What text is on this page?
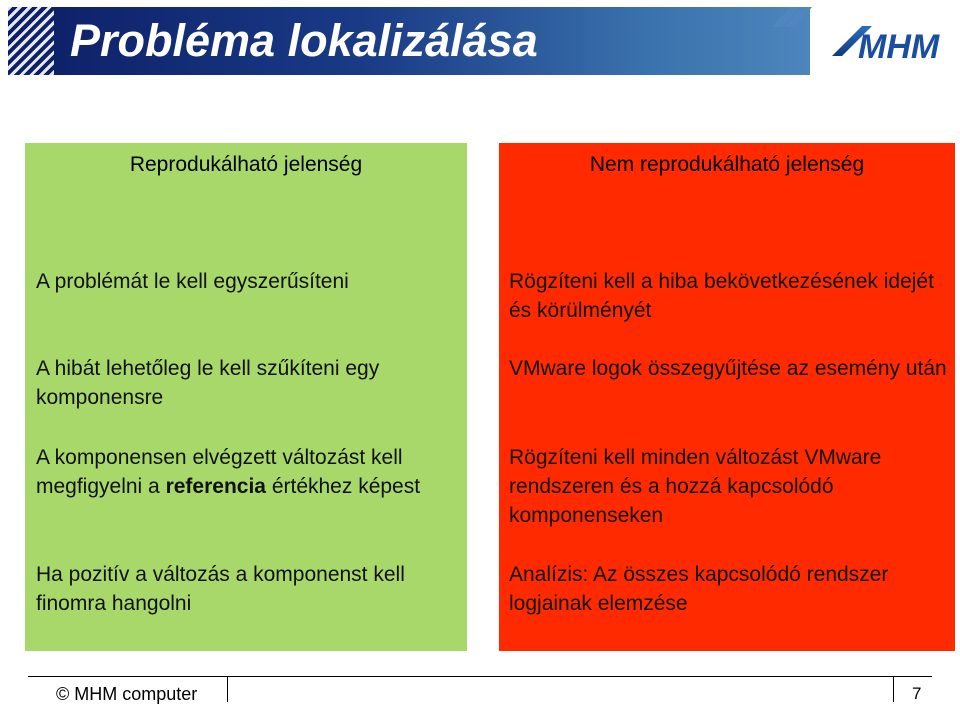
Probléma lokalizálása	MHM
Reprodukálható jelenség
A problémát le kell egyszerűsíteni
A hibát lehetőleg le kell szűkíteni egy komponensre
A komponensen elvégzett változást kell megfigyelni a referencia értékhez képest
Ha pozitív a változás a komponenst kell finomra hangolni
Nem reprodukálható jelenség
Rögzíteni kell a hiba bekövetkezésének idejét és körülményét
VMware logok összegyűjtése az esemény után
Rögzíteni kell minden változást VMware rendszeren és a hozzá kapcsolódó komponenseken
Analízis: Az összes kapcsolódó rendszer logjainak elemzése
© MHM computer	7
